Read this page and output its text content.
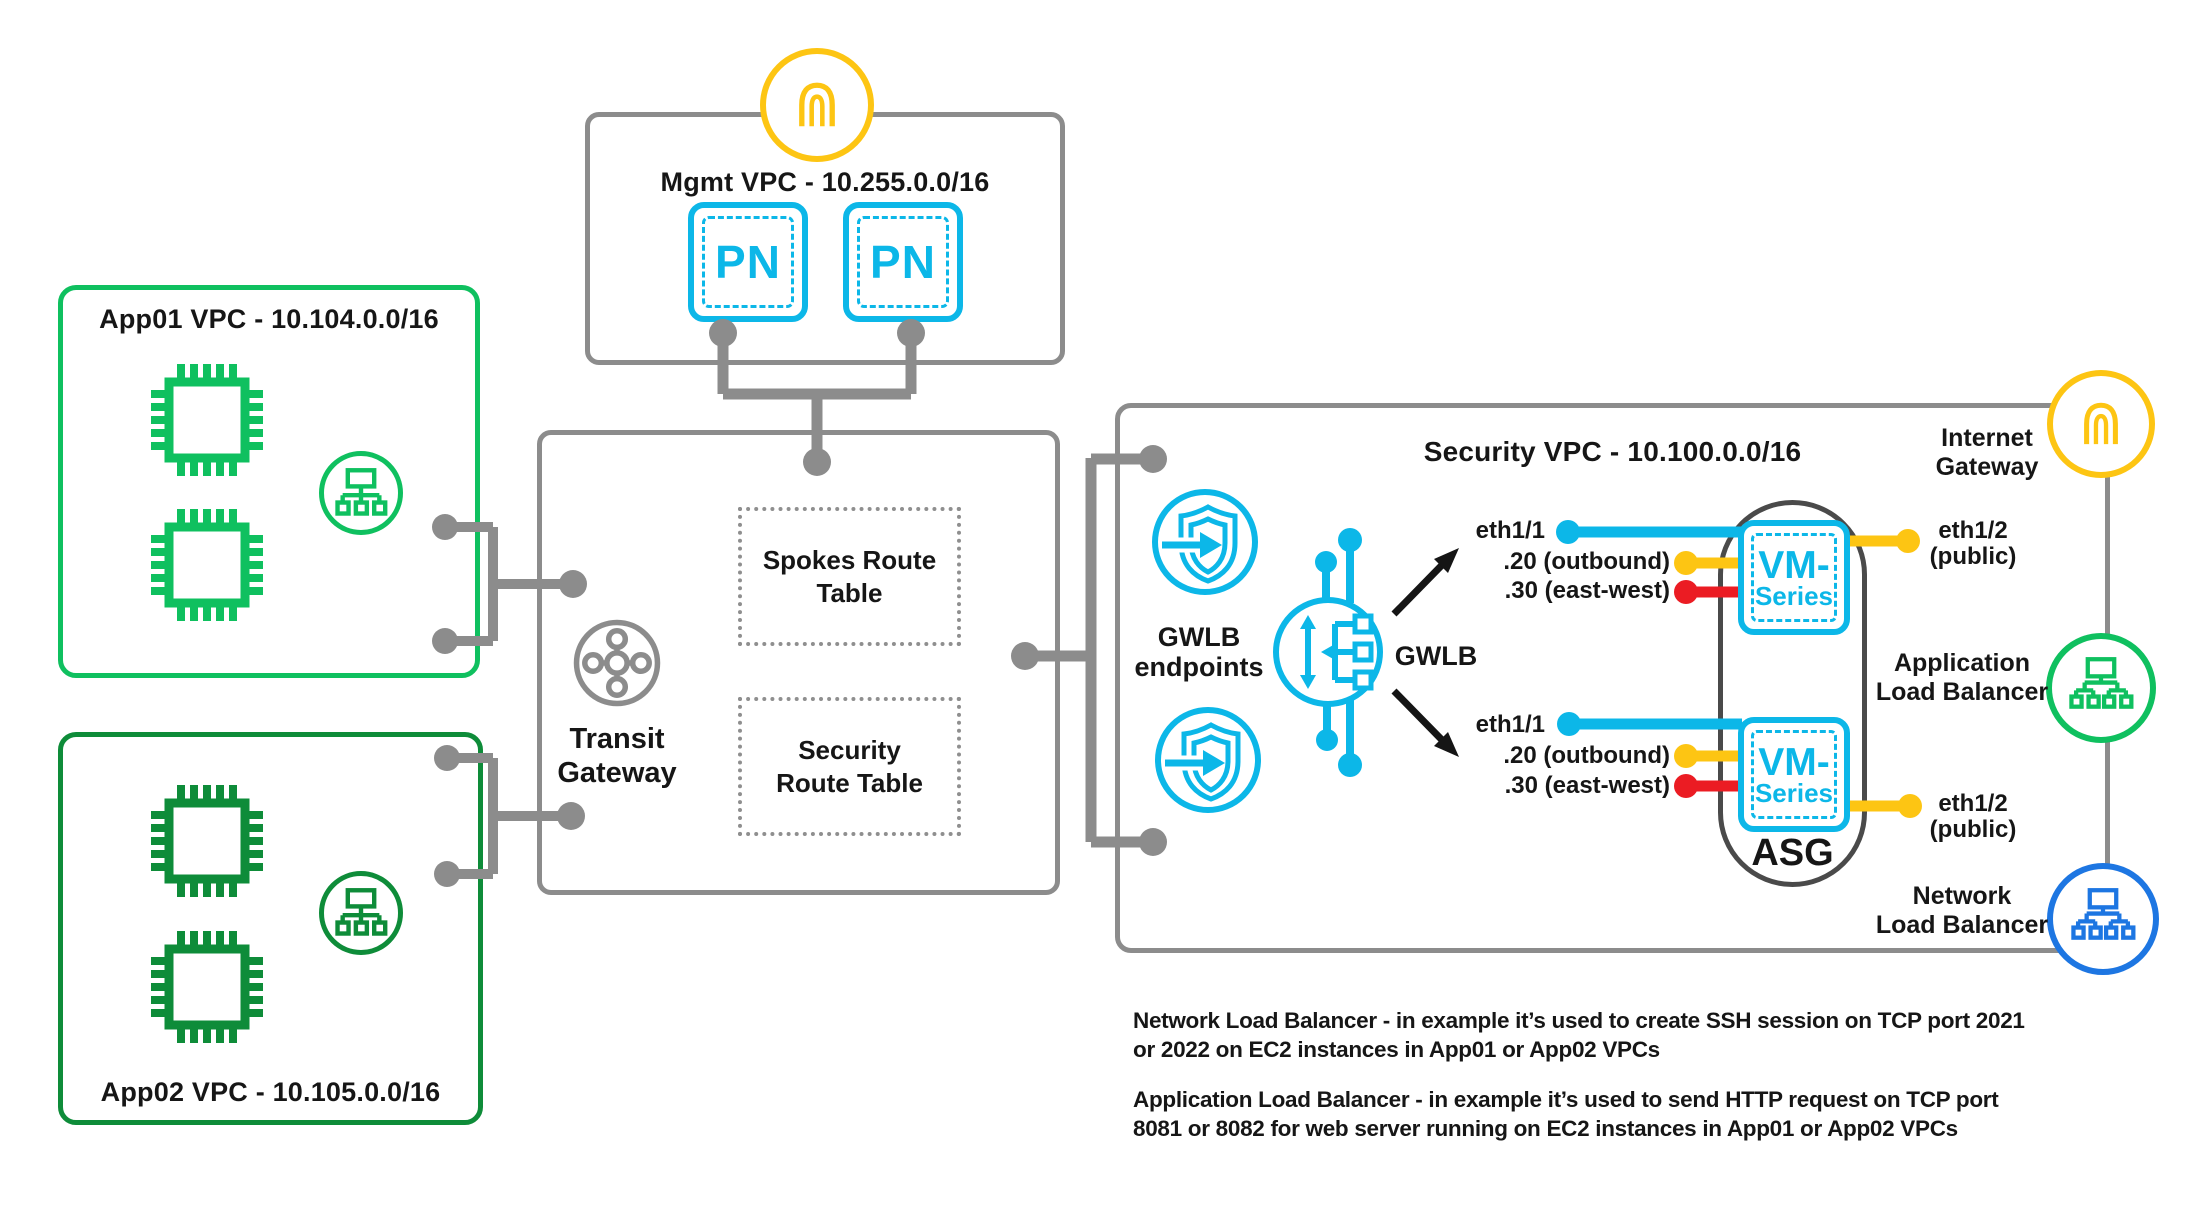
App01 VPC - 10.104.0.0/16
App02 VPC - 10.105.0.0/16
Mgmt VPC - 10.255.0.0/16
PN PN
Spokes Route
Table
Security
Route Table
Transit
Gateway
Security VPC - 10.100.0.0/16
GWLB
endpoints	GWLB
ASG
VM-
Series
VM-
Series
eth1/1
.20 (outbound)
.30 (east-west)
eth1/1
.20 (outbound)
.30 (east-west)
eth1/2
(public)
eth1/2
(public)
Internet
Gateway
Application
Load Balancer
Network
Load Balancer
Network Load Balancer - in example it’s used to create SSH session on TCP port 2021
or 2022 on EC2 instances in App01 or App02 VPCs
Application Load Balancer - in example it’s used to send HTTP request on TCP port
8081 or 8082 for web server running on EC2 instances in App01 or App02 VPCs
